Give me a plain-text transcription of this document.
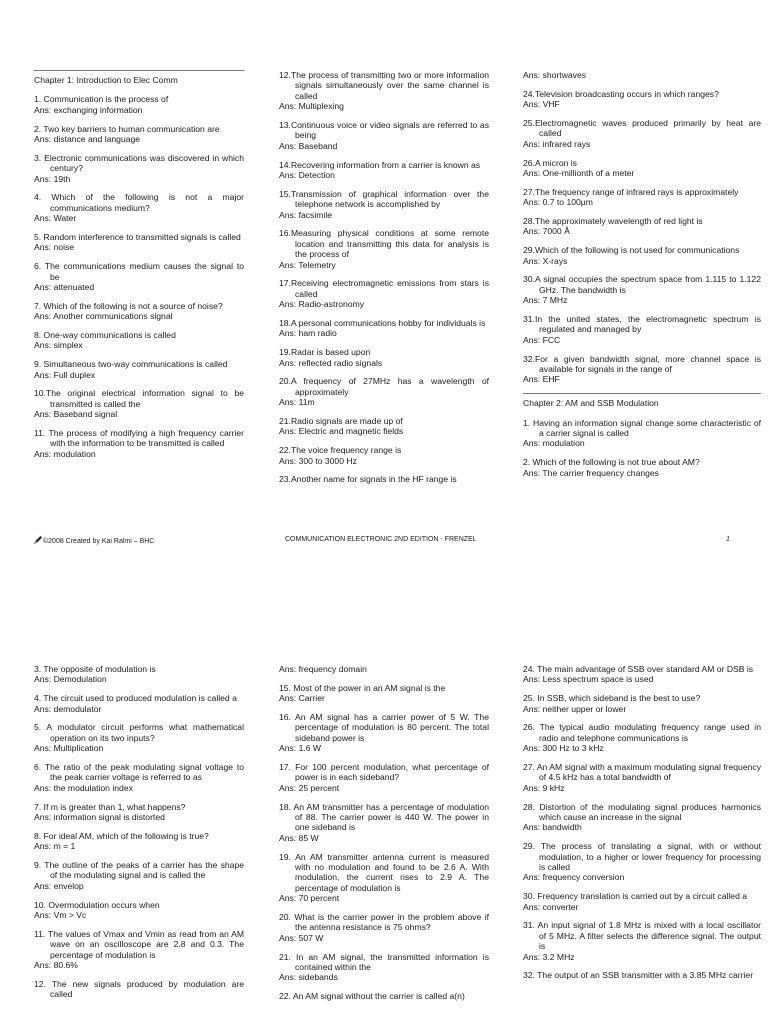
Chapter 1: Introduction to Elec Comm
1. Communication is the process of
Ans: exchanging information
2. Two key barriers to human communication are
Ans: distance and language
3. Electronic communications was discovered in which century?
Ans: 19th
4. Which of the following is not a major communications medium?
Ans: Water
5. Random interference to transmitted signals is called
Ans: noise
6. The communications medium causes the signal to be
Ans: attenuated
7. Which of the following is not a source of noise?
Ans: Another communications signal
8. One-way communications is called
Ans: simplex
9. Simultaneous two-way communications is called
Ans: Full duplex
10.The original electrical information signal to be transmitted is called the
Ans: Baseband signal
11. The process of modifying a high frequency carrier with the information to be transmitted is called
Ans: modulation
12.The process of transmitting two or more information signals simultaneously over the same channel is called
Ans: Multiplexing
13.Continuous voice or video signals are referred to as being
Ans: Baseband
14.Recovering information from a carrier is known as
Ans: Detection
15.Transmission of graphical information over the telephone network is accomplished by
Ans: facsimile
16.Measuring physical conditions at some remote location and transmitting this data for analysis is the process of
Ans: Telemetry
17.Receiving electromagnetic emissions from stars is called
Ans: Radio-astronomy
18.A personal communications hobby for individuals is
Ans: ham radio
19.Radar is based upon
Ans: reflected radio signals
20.A frequency of 27MHz has a wavelength of approximately
Ans: 11m
21.Radio signals are made up of
Ans: Electric and magnetic fields
22.The voice frequency range is
Ans: 300 to 3000 Hz
23.Another name for signals in the HF range is
Ans: shortwaves
24.Television broadcasting occurs in which ranges?
Ans: VHF
25.Electromagnetic waves produced primarily by heat are called
Ans: infrared rays
26.A micron is
Ans: One-millionth of a meter
27.The frequency range of infrared rays is approximately
Ans: 0.7 to 100μm
28.The approximately wavelength of red light is
Ans: 7000 Å
29.Which of the following is not used for communications
Ans: X-rays
30.A signal occupies the spectrum space from 1.115 to 1.122 GHz. The bandwidth is
Ans: 7 MHz
31.In the united states, the electromagnetic spectrum is regulated and managed by
Ans: FCC
32.For a given bandwidth signal, more channel space is available for signals in the range of
Ans: EHF
Chapter 2: AM and SSB Modulation
1. Having an information signal change some characteristic of a carrier signal is called
Ans: modulation
2. Which of the following is not true about AM?
Ans: The carrier frequency changes
©2008 Created by Kai Ralmi – BHC	COMMUNICATION ELECTRONIC 2ND EDITION - FRENZEL	1
3. The opposite of modulation is
Ans: Demodulation
4. The circuit used to produced modulation is called a
Ans: demodulator
5. A modulator circuit performs what mathematical operation on its two inputs?
Ans: Multiplication
6. The ratio of the peak modulating signal voltage to the peak carrier voltage is referred to as
Ans: the modulation index
7. If m is greater than 1, what happens?
Ans: information signal is distorted
8. For ideal AM, which of the following is true?
Ans: m = 1
9. The outline of the peaks of a carrier has the shape of the modulating signal and is called the
Ans: envelop
10. Overmodulation occurs when
Ans: Vm > Vc
11. The values of Vmax and Vmin as read from an AM wave on an oscilloscope are 2.8 and 0.3. The percentage of modulation is
Ans: 80.6%
12. The new signals produced by modulation are called
Ans: frequency domain
15. Most of the power in an AM signal is the
Ans: Carrier
16. An AM signal has a carrier power of 5 W. The percentage of modulation is 80 percent. The total sideband power is
Ans: 1.6 W
17. For 100 percent modulation, what percentage of power is in each sideband?
Ans: 25 percent
18. An AM transmitter has a percentage of modulation of 88. The carrier power is 440 W. The power in one sideband is
Ans: 85 W
19. An AM transmitter antenna current is measured with no modulation and found to be 2.6 A. With modulation, the current rises to 2.9 A. The percentage of modulation is
Ans: 70 percent
20. What is the carrier power in the problem above if the antenna resistance is 75 ohms?
Ans: 507 W
21. In an AM signal, the transmitted information is contained within the
Ans: sidebands
22. An AM signal without the carrier is called a(n)
24. The main advantage of SSB over standard AM or DSB is
Ans: Less spectrum space is used
25. In SSB, which sideband is the best to use?
Ans: neither upper or lower
26. The typical audio modulating frequency range used in radio and telephone communications is
Ans: 300 Hz to 3 kHz
27. An AM signal with a maximum modulating signal frequency of 4.5 kHz has a total bandwidth of
Ans: 9 kHz
28. Distortion of the modulating signal produces harmonics which cause an increase in the signal
Ans: bandwidth
29. The process of translating a signal, with or without modulation, to a higher or lower frequency for processing is called
Ans: frequency conversion
30. Frequency translation is carried out by a circuit called a
Ans: converter
31. An input signal of 1.8 MHz is mixed with a local oscillator of 5 MHz. A filter selects the difference signal. The output is
Ans: 3.2 MHz
32. The output of an SSB transmitter with a 3.85 MHz carrier
